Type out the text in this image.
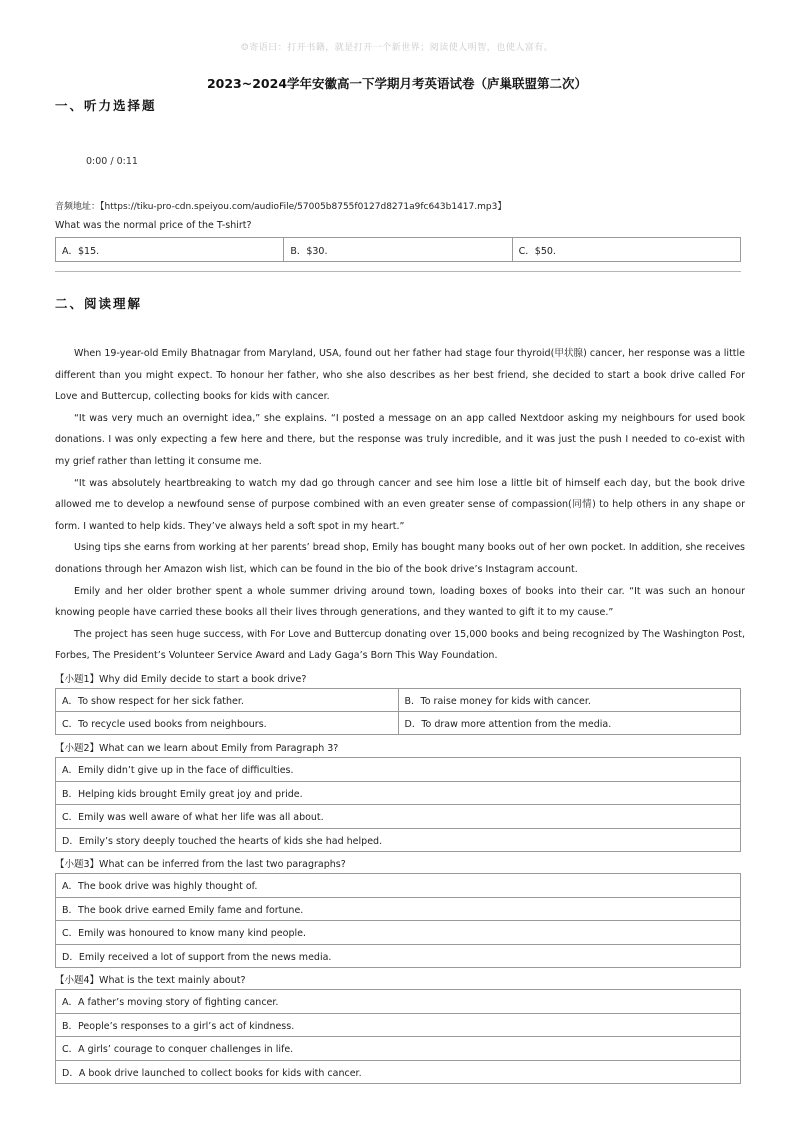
☺寄语曰：打开书籍，就是打开一个新世界；阅读使人明智，也使人富有。
2023~2024学年安徽高一下学期月考英语试卷（庐巢联盟第二次）
一、听力选择题
0:00 / 0:11
音频地址：【https://tiku-pro-cdn.speiyou.com/audioFile/57005b8755f0127d8271a9fc643b1417.mp3】
What was the normal price of the T-shirt?
A．$15.	B．$30.	C．$50.
二、阅读理解

When 19-year-old Emily Bhatnagar from Maryland, USA, found out her father had stage four thyroid(甲状腺) cancer, her response was a little different than you might expect. To honour her father, who she also describes as her best friend, she decided to start a book drive called For Love and Buttercup, collecting books for kids with cancer.

“It was very much an overnight idea,” she explains. “I posted a message on an app called Nextdoor asking my neighbours for used book donations. I was only expecting a few here and there, but the response was truly incredible, and it was just the push I needed to co-exist with my grief rather than letting it consume me.

“It was absolutely heartbreaking to watch my dad go through cancer and see him lose a little bit of himself each day, but the book drive allowed me to develop a newfound sense of purpose combined with an even greater sense of compassion(同情) to help others in any shape or form. I wanted to help kids. They’ve always held a soft spot in my heart.”

Using tips she earns from working at her parents’ bread shop, Emily has bought many books out of her own pocket. In addition, she receives donations through her Amazon wish list, which can be found in the bio of the book drive’s Instagram account.

Emily and her older brother spent a whole summer driving around town, loading boxes of books into their car. “It was such an honour knowing people have carried these books all their lives through generations, and they wanted to gift it to my cause.”

The project has seen huge success, with For Love and Buttercup donating over 15,000 books and being recognized by The Washington Post, Forbes, The President’s Volunteer Service Award and Lady Gaga’s Born This Way Foundation.

【小题1】Why did Emily decide to start a book drive?
A．To show respect for her sick father.	B．To raise money for kids with cancer.
C．To recycle used books from neighbours.	D．To draw more attention from the media.
【小题2】What can we learn about Emily from Paragraph 3?
A．Emily didn’t give up in the face of difficulties.
B．Helping kids brought Emily great joy and pride.
C．Emily was well aware of what her life was all about.
D．Emily’s story deeply touched the hearts of kids she had helped.
【小题3】What can be inferred from the last two paragraphs?
A．The book drive was highly thought of.
B．The book drive earned Emily fame and fortune.
C．Emily was honoured to know many kind people.
D．Emily received a lot of support from the news media.
【小题4】What is the text mainly about?
A．A father’s moving story of fighting cancer.
B．People’s responses to a girl’s act of kindness.
C．A girls’ courage to conquer challenges in life.
D．A book drive launched to collect books for kids with cancer.
